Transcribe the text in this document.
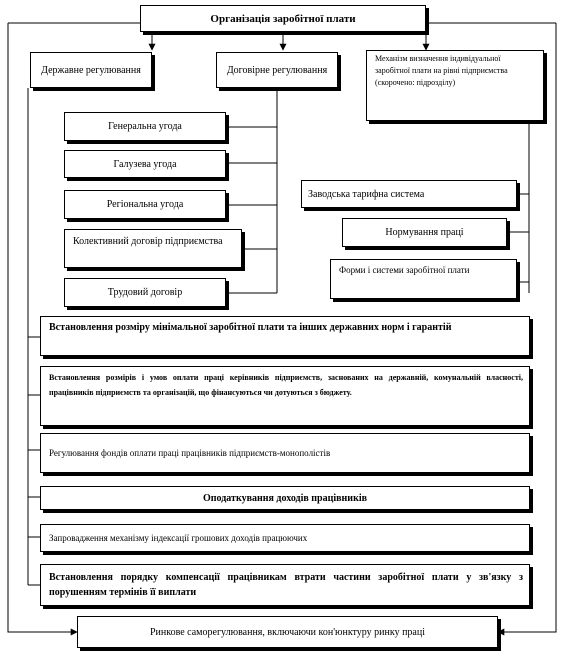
Організація заробітної плати
Державне регулювання	Договірне регулювання
Механізм визначення індивідуальної заробітної плати на рівні підприємства (скорочено: підрозділу)
Генеральна угода
Галузева угода
Регіональна угода
Колективний договір підприємства
Трудовий договір
Заводська тарифна система
Нормування праці
Форми і системи заробітної плати
Встановлення розміру мінімальної заробітної плати та інших державних норм і гарантій
Встановлення розмірів і умов оплати праці керівників підприємств, заснованих на державній, комунальній власності, працівників підприємств та організацій, що фінансуються чи дотуються з бюджету.
Регулювання фондів оплати праці працівників підприємств-монополістів
Оподаткування доходів працівників
Запровадження механізму індексації грошових доходів працюючих
Встановлення порядку компенсації працівникам втрати частини заробітної плати у зв'язку з порушенням термінів її виплати
Ринкове саморегулювання, включаючи кон'юнктуру ринку праці
